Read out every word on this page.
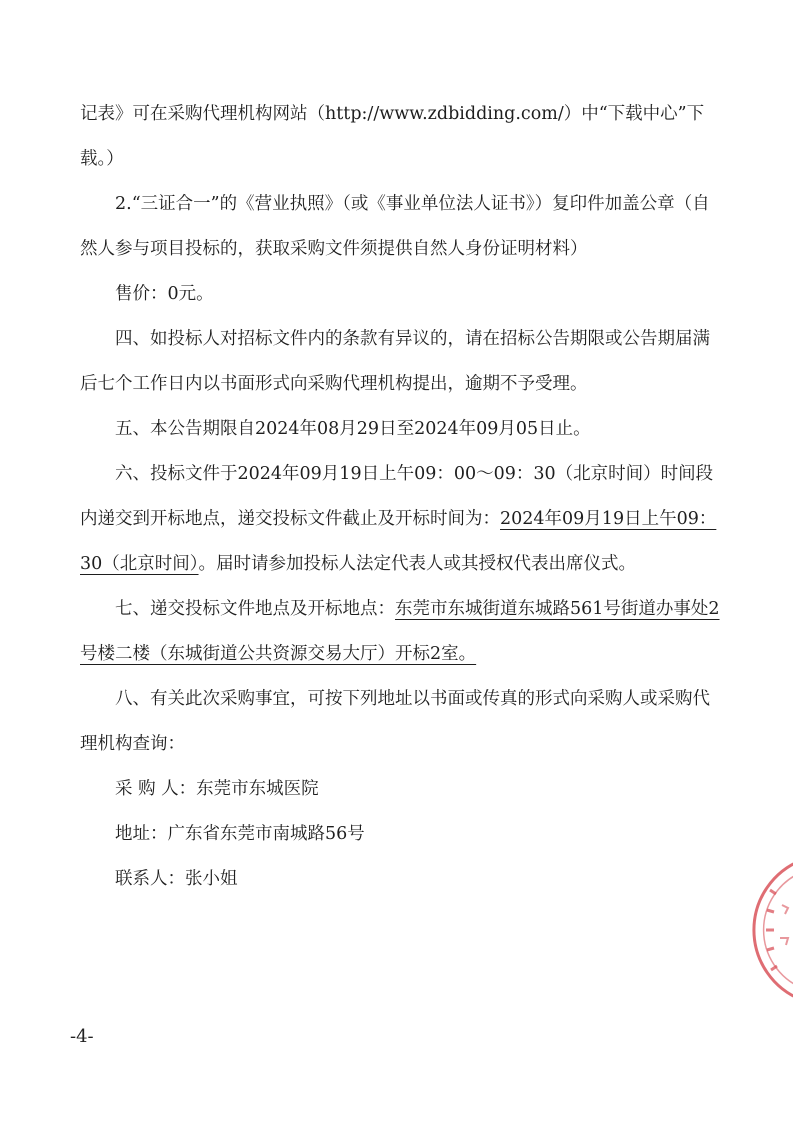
记表》可在采购代理机构网站（http://www.zdbidding.com/）中“下载中心”下载。）

2.“三证合一”的《营业执照》（或《事业单位法人证书》）复印件加盖公章（自然人参与项目投标的，获取采购文件须提供自然人身份证明材料）

售价：0元。

四、如投标人对招标文件内的条款有异议的，请在招标公告期限或公告期届满后七个工作日内以书面形式向采购代理机构提出，逾期不予受理。

五、本公告期限自2024年08月29日至2024年09月05日止。

六、投标文件于2024年09月19日上午09：00～09：30（北京时间）时间段内递交到开标地点，递交投标文件截止及开标时间为：2024年09月19日上午09：30（北京时间）。届时请参加投标人法定代表人或其授权代表出席仪式。

七、递交投标文件地点及开标地点：东莞市东城街道东城路561号街道办事处2号楼二楼（东城街道公共资源交易大厅）开标2室。

八、有关此次采购事宜，可按下列地址以书面或传真的形式向采购人或采购代理机构查询：

采 购 人：东莞市东城医院

地址：广东省东莞市南城路56号

联系人：张小姐

-4-
